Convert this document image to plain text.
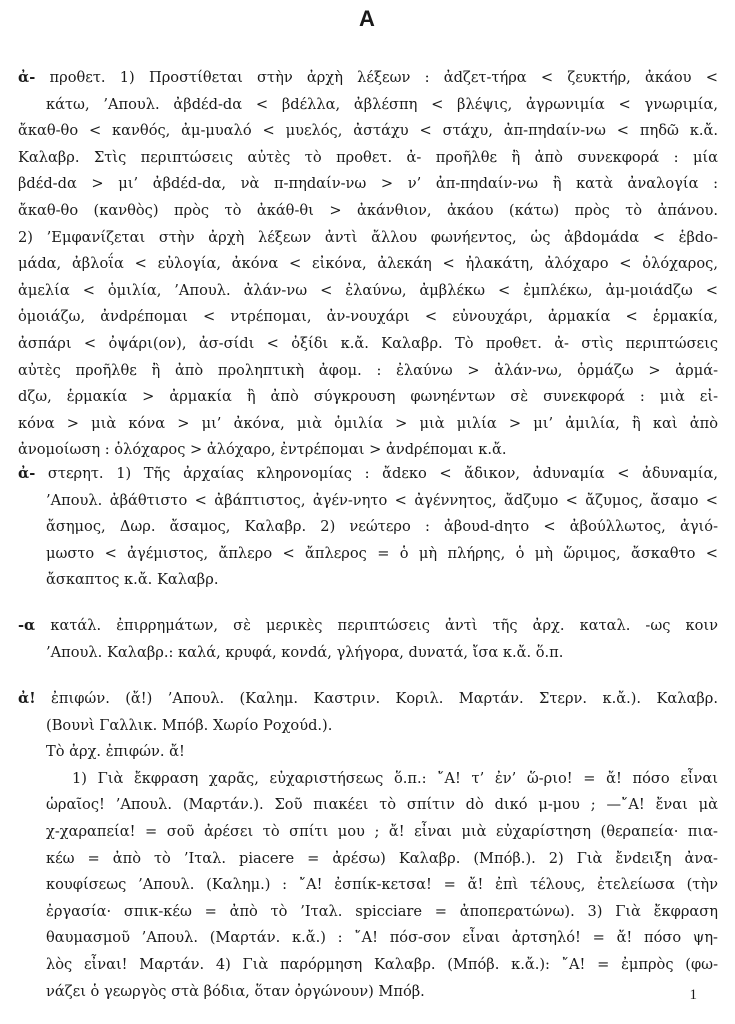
A
ἀ- προθετ. 1) Προστίθεται στὴν ἀρχὴ λέξεων : ἀdζετ-τήρα < ζευκτήρ, ἀκάου <
κάτω, ’Απουλ. ἀβdέd-dα < βdέλλα, ἀβλέσπη < βλέψις, ἀγρωνιμία < γνωριμία,
ἄκαθ-θο < κανθός, ἀμ-μυαλό < μυελός, ἀστάχυ < στάχυ, ἀπ-πηdαίν-νω < πηδῶ κ.ἄ.
Καλαβρ. Στὶς περιπτώσεις αὐτὲς τὸ προθετ. ἀ- προῆλθε ἢ ἀπὸ συνεκφορά : μία
βdέd-dα > μι’ ἀβdέd-dα, νὰ π-πηdαίν-νω > ν’ ἀπ-πηdαίν-νω ἢ κατὰ ἀναλογία :
ἄκαθ-θο (κανθὸς) πρὸς τὸ ἀκάθ-θι > ἀκάνθιον, ἀκάου (κάτω) πρὸς τὸ ἀπάνου.
2) ’Εμφανίζεται στὴν ἀρχὴ λέξεων ἀντὶ ἄλλου φωνήεντος, ὡς ἀβdομάdα < ἑβdο-
μάdα, ἀβλοΐα < εὐλογία, ἀκόνα < εἰκόνα, ἀλεκάη < ἠλακάτη, ἀλόχαρο < ὀλόχαρος,
ἀμελία < ὁμιλία, ’Απουλ. ἀλάν-νω < ἐλαύνω, ἀμβλέκω < ἐμπλέκω, ἀμ-μοιάdζω <
ὁμοιάζω, ἀνdρέπομαι < ντρέπομαι, ἀν-νουχάρι < εὐνουχάρι, ἀρμακία < ἑρμακία,
ἀσπάρι < ὀψάρι(ον), ἀσ-σίdι < ὀξίδι κ.ἄ. Καλαβρ. Τὸ προθετ. ἀ- στὶς περιπτώσεις
αὐτὲς προῆλθε ἢ ἀπὸ προληπτικὴ ἀφομ. : ἐλαύνω > ἀλάν-νω, ὁρμάζω > ἀρμά-
dζω, ἑρμακία > ἀρμακία ἢ ἀπὸ σύγκρουση φωνηέντων σὲ συνεκφορά : μιὰ εἰ-
κόνα > μιὰ κόνα > μι’ ἀκόνα, μιὰ ὁμιλία > μιὰ μιλία > μι’ ἀμιλία, ἢ καὶ ἀπὸ
ἀνομοίωση : ὁλόχαρος > ἀλόχαρο, ἐντρέπομαι > ἀνdρέπομαι κ.ἄ.
ἀ- στερητ. 1) Τῆς ἀρχαίας κληρονομίας : ἄdεκο < ἄδικον, ἀdυναμία < ἀδυναμία,
’Απουλ. ἀβάθτιστο < ἀβάπτιστος, ἀγέν-νητο < ἀγέννητος, ἄdζυμο < ἄζυμος, ἄσαμο <
ἄσημος, Δωρ. ἄσαμος, Καλαβρ. 2) νεώτερο : ἀβουd-dητο < ἀβούλλωτος, ἀγιό-
μωστο < ἀγέμιστος, ἄπλερο < ἄπλερος = ὁ μὴ πλήρης, ὁ μὴ ὥριμος, ἄσκαθτο <
ἄσκαπτος κ.ἄ. Καλαβρ.
-α κατάλ. ἐπιρρημάτων, σὲ μερικὲς περιπτώσεις ἀντὶ τῆς ἀρχ. καταλ. -ως κοιν
’Απουλ. Καλαβρ.: καλά, κρυφά, κονdά, γλήγορα, dυνατά, ἴσα κ.ἄ. ὅ.π.
ἀ! ἐπιφών. (ἄ!) ’Απουλ. (Καλημ. Καστριν. Κοριλ. Μαρτάν. Στερν. κ.ἄ.). Καλαβρ.
(Βουνὶ Γαλλικ. Μπόβ. Χωρίο Ροχούd.).
Τὸ ἀρχ. ἐπιφών. ἄ!
1) Γιὰ ἔκφραση χαρᾶς, εὐχαριστήσεως ὅ.π.: ῎Α! τ’ ἐν’ ὥ-ριο! = ἄ! πόσο εἶναι
ὡραῖος! ’Απουλ. (Μαρτάν.). Σοῦ πιακέει τὸ σπίτιν dὸ dικό μ-μου ; —῎Α! ἔναι μὰ
χ-χαραπεία! = σοῦ ἀρέσει τὸ σπίτι μου ; ἄ! εἶναι μιὰ εὐχαρίστηση (θεραπεία· πια-
κέω = ἀπὸ τὸ ’Ιταλ. piacere = ἀρέσω) Καλαβρ. (Μπόβ.). 2) Γιὰ ἔνdειξη ἀνα-
κουφίσεως ’Απουλ. (Καλημ.) : ῎Α! ἐσπίκ-κετσα! = ἄ! ἐπὶ τέλους, ἐτελείωσα (τὴν
ἐργασία· σπικ-κέω = ἀπὸ τὸ ’Ιταλ. spicciare = ἀποπερατώνω). 3) Γιὰ ἔκφραση
θαυμασμοῦ ’Απουλ. (Μαρτάν. κ.ἄ.) : ῎Α! πόσ-σον εἶναι ἀρτσηλό! = ἄ! πόσο ψη-
λὸς εἶναι! Μαρτάν. 4) Γιὰ παρόρμηση Καλαβρ. (Μπόβ. κ.ἄ.): ῎Α! = ἐμπρὸς (φω-
νάζει ὁ γεωργὸς στὰ βόδια, ὅταν ὀργώνουν) Μπόβ.	1
